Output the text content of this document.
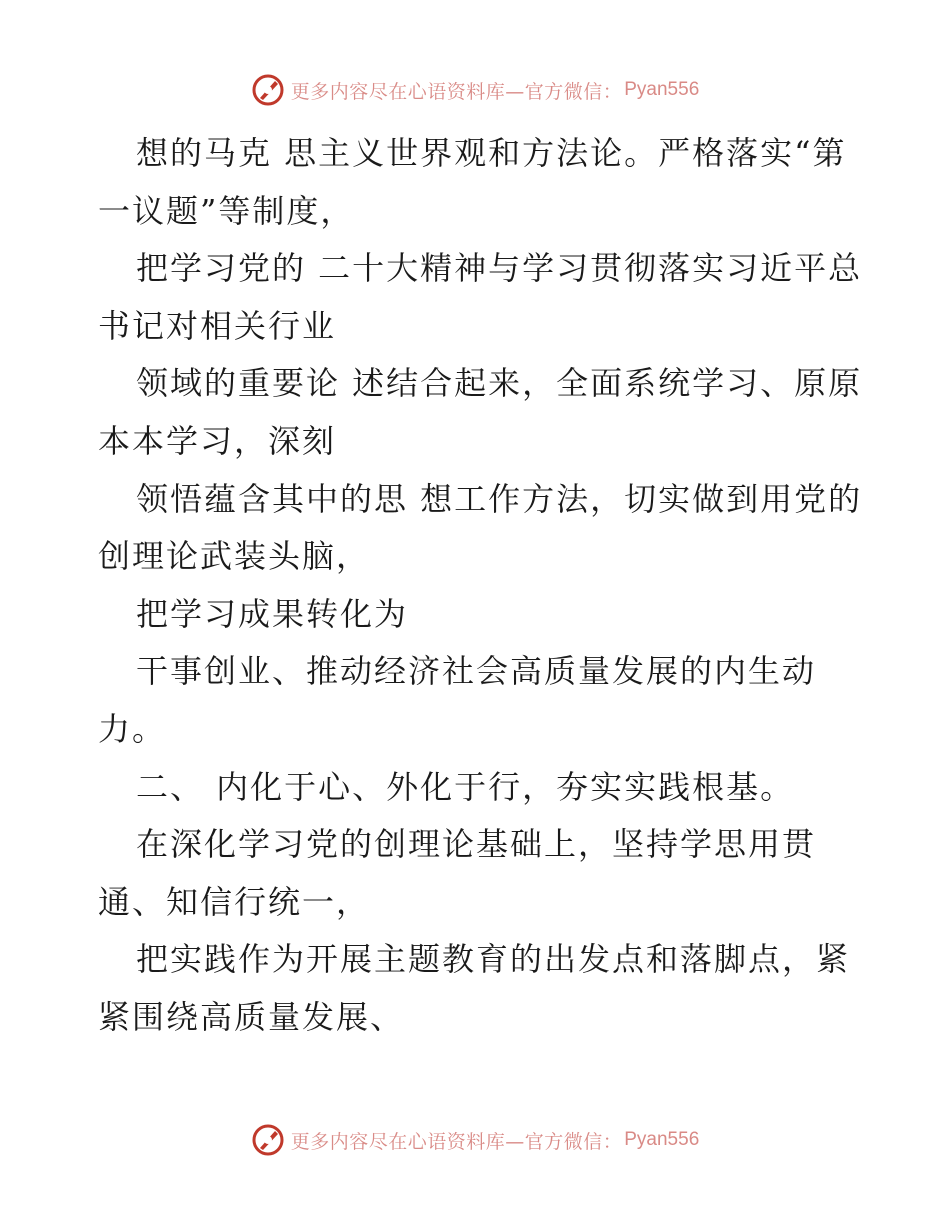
更多内容尽在心语资料库—官方微信： Pyan556

想的马克 思主义世界观和方法论。严格落实“第一议题”等制度，

把学习党的 二十大精神与学习贯彻落实习近平总书记对相关行业

领域的重要论 述结合起来，全面系统学习、原原本本学习，深刻

领悟蕴含其中的思 想工作方法，切实做到用党的创理论武装头脑，

把学习成果转化为

干事创业、推动经济社会高质量发展的内生动力。

二、 内化于心、外化于行，夯实实践根基。

在深化学习党的创理论基础上，坚持学思用贯通、知信行统一，

把实践作为开展主题教育的出发点和落脚点，紧紧围绕高质量发展、

更多内容尽在心语资料库—官方微信： Pyan556
